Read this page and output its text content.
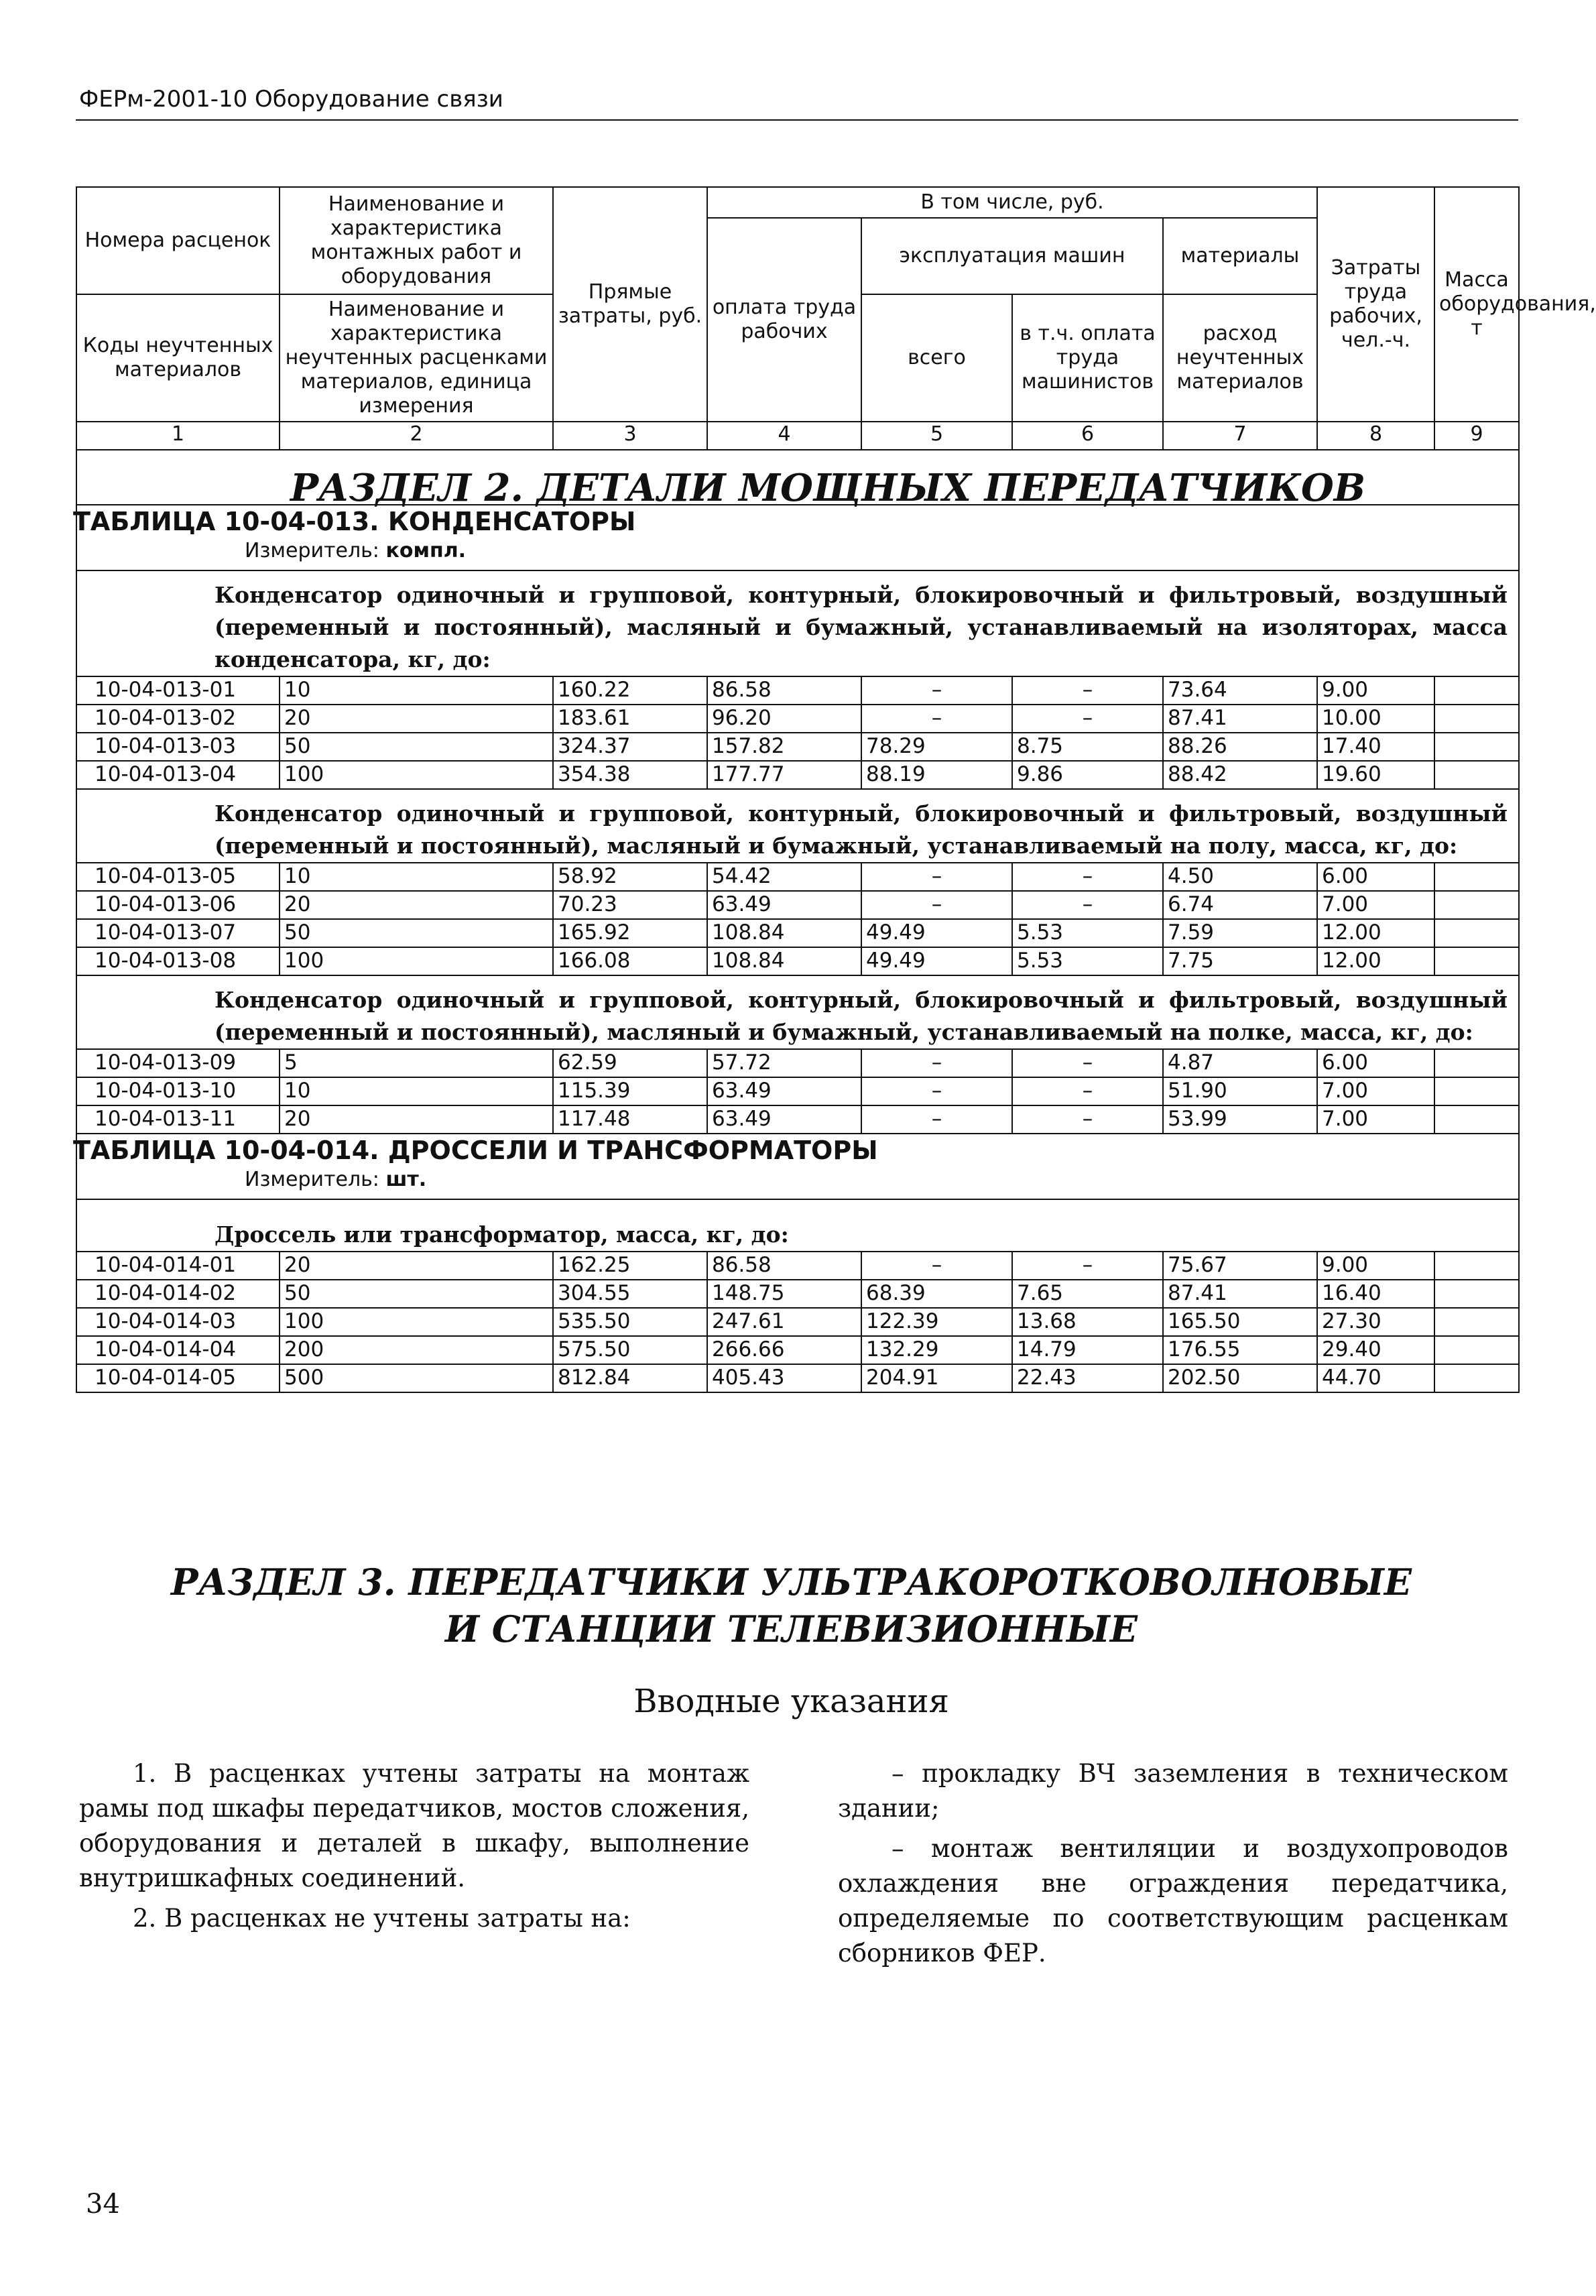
ФЕРм-2001-10 Оборудование связи
Номера расценок	Наименование и характеристика монтажных работ и оборудования	Прямые затраты, руб.	В том числе, руб.				Затраты труда рабочих, чел.-ч.	Масса оборудования, т
			оплата труда рабочих	эксплуатация машин		материалы		
Коды неучтенных материалов	Наименование и характеристика неучтенных расценками материалов, единица измерения			всего	в т.ч. оплата труда машинистов	расход неучтенных материалов		
1	2	3	4	5	6	7	8	9

РАЗДЕЛ 2. ДЕТАЛИ МОЩНЫХ ПЕРЕДАТЧИКОВ								

ТАБЛИЦА 10-04-013. КОНДЕНСАТОРЫ
Измеритель: компл.								

Конденсатор одиночный и групповой, контурный, блокировочный и фильтровый, воздушный (переменный и постоянный), масляный и бумажный, устанавливаемый на изоляторах, масса конденсатора, кг, до:								

10-04-013-01	10	160.22	86.58	–	–	73.64	9.00	
10-04-013-02	20	183.61	96.20	–	–	87.41	10.00	
10-04-013-03	50	324.37	157.82	78.29	8.75	88.26	17.40	
10-04-013-04	100	354.38	177.77	88.19	9.86	88.42	19.60	

Конденсатор одиночный и групповой, контурный, блокировочный и фильтровый, воздушный (переменный и постоянный), масляный и бумажный, устанавливаемый на полу, масса, кг, до:								

10-04-013-05	10	58.92	54.42	–	–	4.50	6.00	
10-04-013-06	20	70.23	63.49	–	–	6.74	7.00	
10-04-013-07	50	165.92	108.84	49.49	5.53	7.59	12.00	
10-04-013-08	100	166.08	108.84	49.49	5.53	7.75	12.00	

Конденсатор одиночный и групповой, контурный, блокировочный и фильтровый, воздушный (переменный и постоянный), масляный и бумажный, устанавливаемый на полке, масса, кг, до:								

10-04-013-09	5	62.59	57.72	–	–	4.87	6.00	
10-04-013-10	10	115.39	63.49	–	–	51.90	7.00	
10-04-013-11	20	117.48	63.49	–	–	53.99	7.00	

ТАБЛИЦА 10-04-014. ДРОССЕЛИ И ТРАНСФОРМАТОРЫ
Измеритель: шт.								

Дроссель или трансформатор, масса, кг, до:								

10-04-014-01	20	162.25	86.58	–	–	75.67	9.00	
10-04-014-02	50	304.55	148.75	68.39	7.65	87.41	16.40	
10-04-014-03	100	535.50	247.61	122.39	13.68	165.50	27.30	
10-04-014-04	200	575.50	266.66	132.29	14.79	176.55	29.40	
10-04-014-05	500	812.84	405.43	204.91	22.43	202.50	44.70	
РАЗДЕЛ 3. ПЕРЕДАТЧИКИ УЛЬТРАКОРОТКОВОЛНОВЫЕ
И СТАНЦИИ ТЕЛЕВИЗИОННЫЕ
Вводные указания

1. В расценках учтены затраты на монтаж рамы под шкафы передатчиков, мостов сложения, оборудования и деталей в шкафу, выполнение внутришкафных соединений.

2. В расценках не учтены затраты на:

– прокладку ВЧ заземления в техническом здании;

– монтаж вентиляции и воздухопроводов охлаждения вне ограждения передатчика, определяемые по соответствующим расценкам сборников ФЕР.

34
